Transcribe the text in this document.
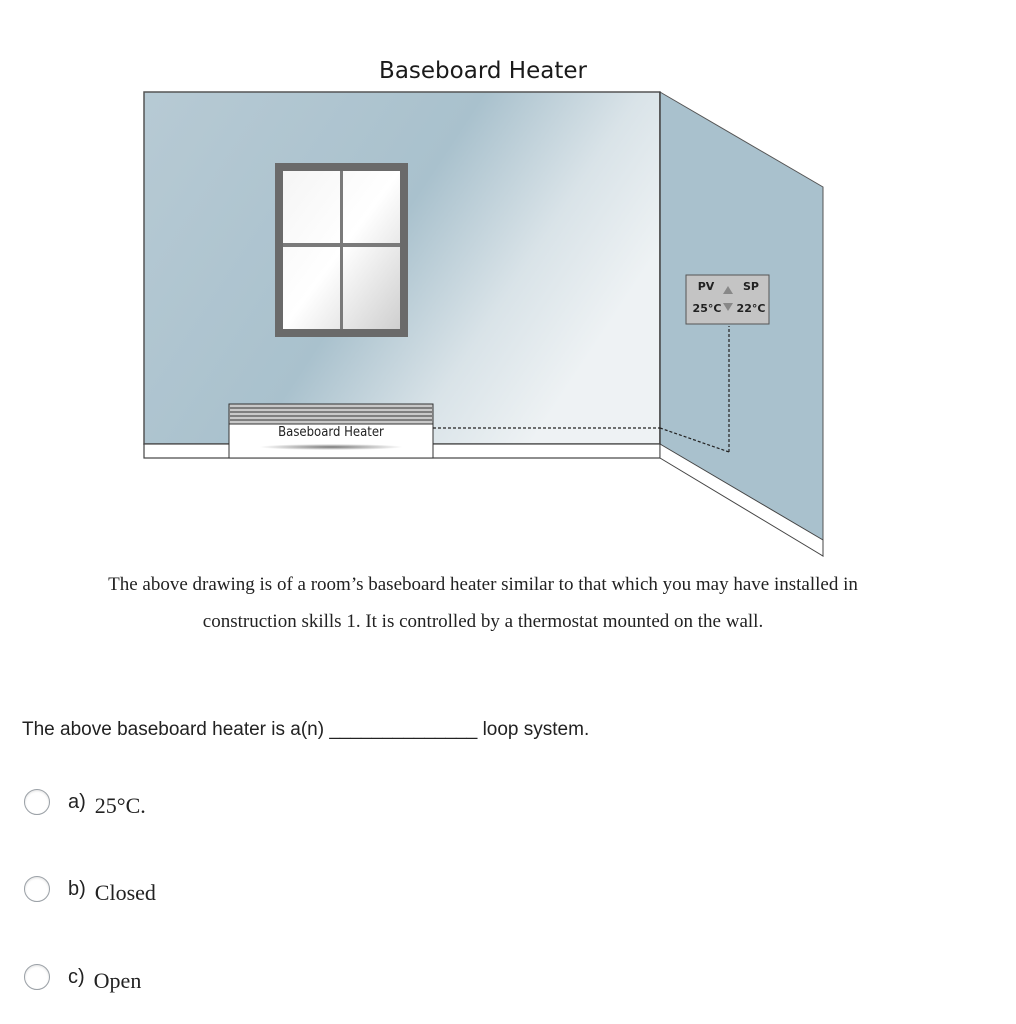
Baseboard Heater
Baseboard Heater
PV	SP
25°C 22°C
The above drawing is of a room’s baseboard heater similar to that which you may have installed in
construction skills 1. It is controlled by a thermostat mounted on the wall.
The above baseboard heater is a(n) ______________ loop system.
a) 25°C.
b) Closed
c) Open
